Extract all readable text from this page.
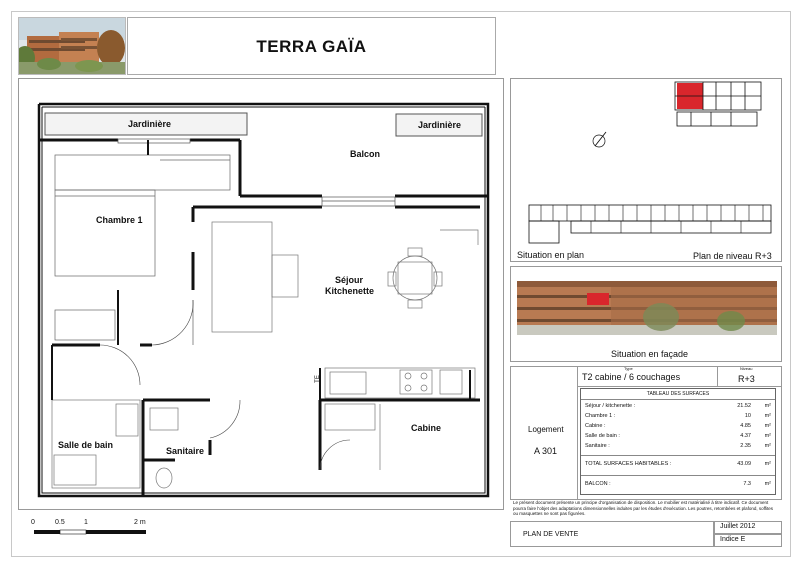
TERRA GAÏA
Jardinière	Jardinière
Balcon
Chambre 1
Séjour
Kitchenette
Cabine
Salle de bain
Sanitaire
TE
0	0.5	1	2 m
Situation en plan	Plan de niveau R+3
Situation en façade
Type
T2 cabine / 6 couchages
Niveau
R+3
Logement
A 301
TABLEAU DES SURFACES
Séjour / kitchenette :	21.52 m²
Chambre 1 :	10 m²
Cabine :	4.85 m²
Salle de bain :	4.37 m²
Sanitaire :	2.35 m²
TOTAL SURFACES HABITABLES :	43.09 m²
BALCON :	7.3 m²
Le présent document présente un principe d'organisation de disposition. Le mobilier est matérialisé à titre indicatif. Ce document pourra faire l'objet des adaptations dimensionnelles induites par les études d'exécution. Les poutres, retombées et plafond, soffites ou masquettes ne sont pas figurées.
PLAN DE VENTE
Juillet 2012
Indice E
